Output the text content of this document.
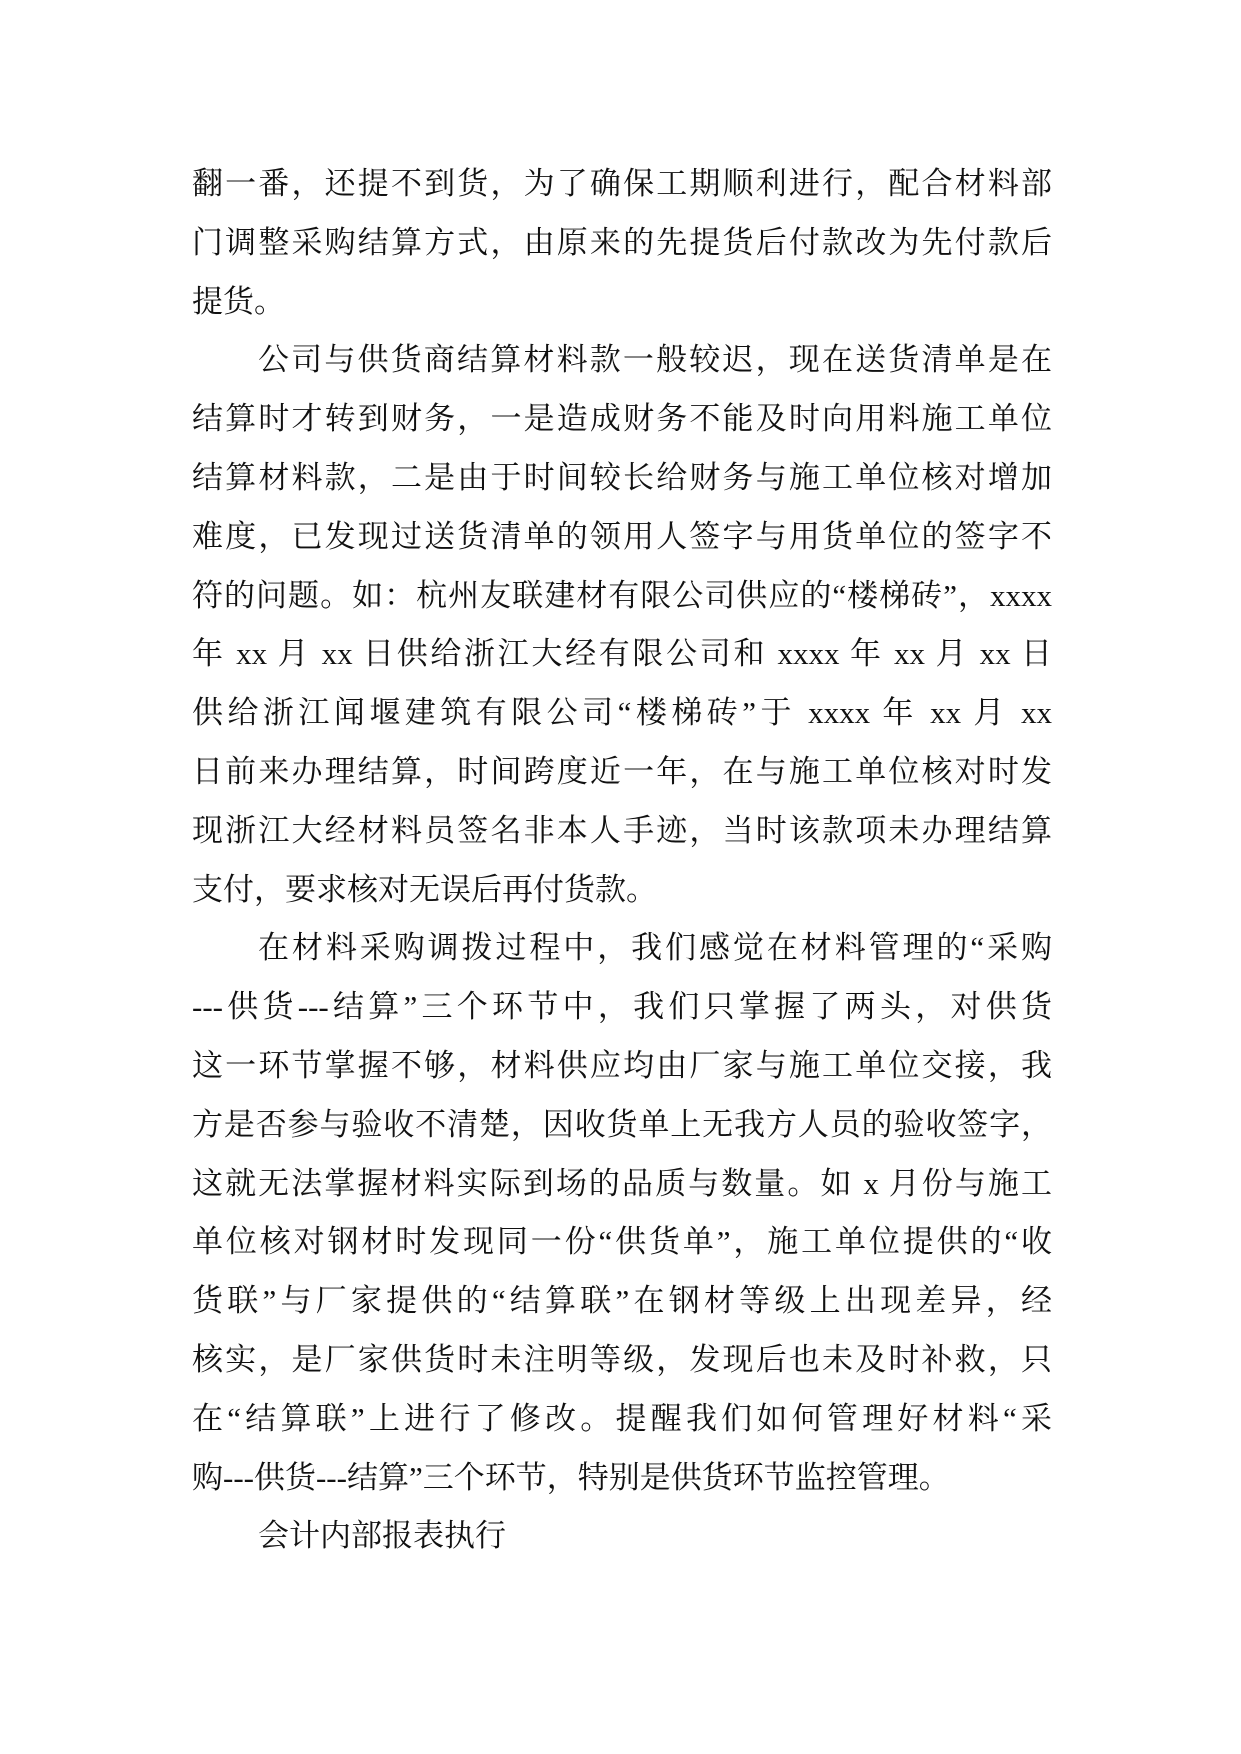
翻一番，还提不到货，为了确保工期顺利进行，配合材料部
门调整采购结算方式，由原来的先提货后付款改为先付款后
提货。
公司与供货商结算材料款一般较迟，现在送货清单是在
结算时才转到财务，一是造成财务不能及时向用料施工单位
结算材料款，二是由于时间较长给财务与施工单位核对增加
难度，已发现过送货清单的领用人签字与用货单位的签字不
符的问题。如：杭州友联建材有限公司供应的“楼梯砖”，xxxx
年 xx 月 xx 日供给浙江大经有限公司和 xxxx 年 xx 月 xx 日
供给浙江闻堰建筑有限公司“楼梯砖”于 xxxx 年 xx 月 xx
日前来办理结算，时间跨度近一年，在与施工单位核对时发
现浙江大经材料员签名非本人手迹，当时该款项未办理结算
支付，要求核对无误后再付货款。
在材料采购调拨过程中，我们感觉在材料管理的“采购
---供货---结算”三个环节中，我们只掌握了两头，对供货
这一环节掌握不够，材料供应均由厂家与施工单位交接，我
方是否参与验收不清楚，因收货单上无我方人员的验收签字，
这就无法掌握材料实际到场的品质与数量。如 x 月份与施工
单位核对钢材时发现同一份“供货单”，施工单位提供的“收
货联”与厂家提供的“结算联”在钢材等级上出现差异，经
核实，是厂家供货时未注明等级，发现后也未及时补救，只
在“结算联”上进行了修改。提醒我们如何管理好材料“采
购---供货---结算”三个环节，特别是供货环节监控管理。
会计内部报表执行
